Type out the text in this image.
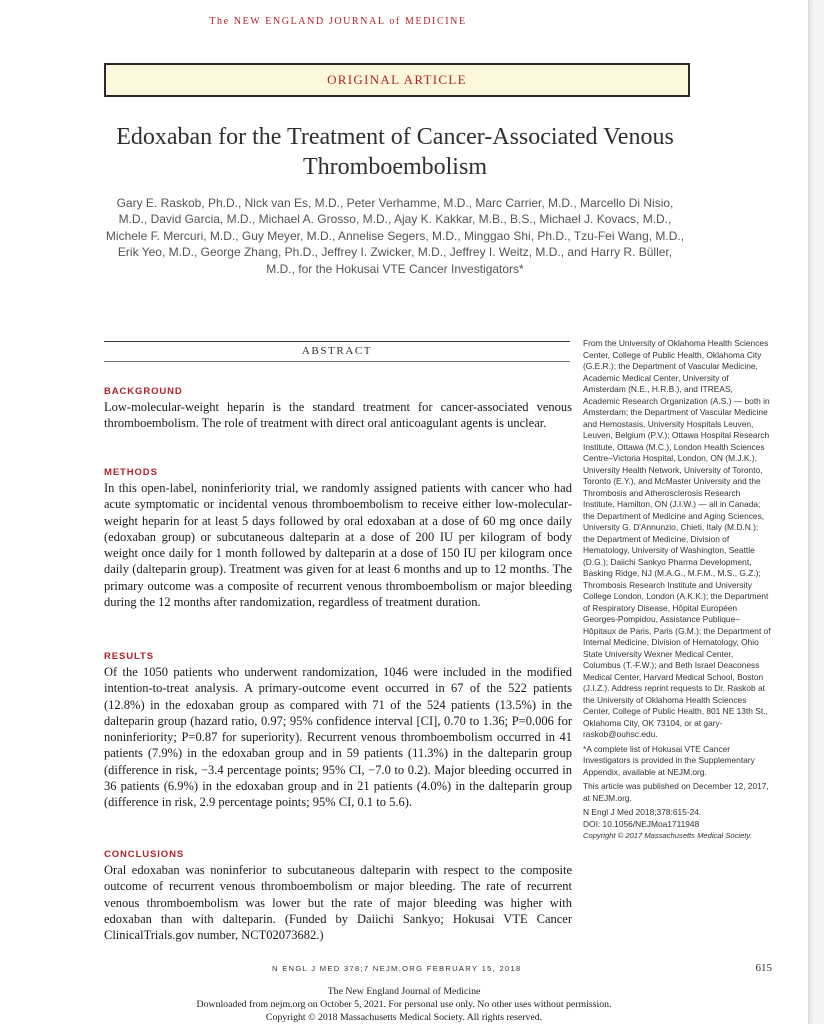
The NEW ENGLAND JOURNAL of MEDICINE
ORIGINAL ARTICLE
Edoxaban for the Treatment of Cancer-Associated Venous Thromboembolism
Gary E. Raskob, Ph.D., Nick van Es, M.D., Peter Verhamme, M.D., Marc Carrier, M.D., Marcello Di Nisio, M.D., David Garcia, M.D., Michael A. Grosso, M.D., Ajay K. Kakkar, M.B., B.S., Michael J. Kovacs, M.D., Michele F. Mercuri, M.D., Guy Meyer, M.D., Annelise Segers, M.D., Minggao Shi, Ph.D., Tzu-Fei Wang, M.D., Erik Yeo, M.D., George Zhang, Ph.D., Jeffrey I. Zwicker, M.D., Jeffrey I. Weitz, M.D., and Harry R. Büller, M.D., for the Hokusai VTE Cancer Investigators*
ABSTRACT
BACKGROUND

Low-molecular-weight heparin is the standard treatment for cancer-associated venous thromboembolism. The role of treatment with direct oral anticoagulant agents is unclear.

METHODS

In this open-label, noninferiority trial, we randomly assigned patients with cancer who had acute symptomatic or incidental venous thromboembolism to receive either low-molecular-weight heparin for at least 5 days followed by oral edoxaban at a dose of 60 mg once daily (edoxaban group) or subcutaneous dalteparin at a dose of 200 IU per kilogram of body weight once daily for 1 month followed by dalteparin at a dose of 150 IU per kilogram once daily (dalteparin group). Treatment was given for at least 6 months and up to 12 months. The primary outcome was a composite of recurrent venous thromboembolism or major bleeding during the 12 months after randomization, regardless of treatment duration.

RESULTS

Of the 1050 patients who underwent randomization, 1046 were included in the modified intention-to-treat analysis. A primary-outcome event occurred in 67 of the 522 patients (12.8%) in the edoxaban group as compared with 71 of the 524 patients (13.5%) in the dalteparin group (hazard ratio, 0.97; 95% confidence interval [CI], 0.70 to 1.36; P=0.006 for noninferiority; P=0.87 for superiority). Recurrent venous thromboembolism occurred in 41 patients (7.9%) in the edoxaban group and in 59 patients (11.3%) in the dalteparin group (difference in risk, −3.4 percentage points; 95% CI, −7.0 to 0.2). Major bleeding occurred in 36 patients (6.9%) in the edoxaban group and in 21 patients (4.0%) in the dalteparin group (difference in risk, 2.9 percentage points; 95% CI, 0.1 to 5.6).

CONCLUSIONS

Oral edoxaban was noninferior to subcutaneous dalteparin with respect to the composite outcome of recurrent venous thromboembolism or major bleeding. The rate of recurrent venous thromboembolism was lower but the rate of major bleeding was higher with edoxaban than with dalteparin. (Funded by Daiichi Sankyo; Hokusai VTE Cancer ClinicalTrials.gov number, NCT02073682.)

From the University of Oklahoma Health Sciences Center, College of Public Health, Oklahoma City (G.E.R.); the Department of Vascular Medicine, Academic Medical Center, University of Amsterdam (N.E., H.R.B.), and ITREAS, Academic Research Organization (A.S.) — both in Amsterdam; the Department of Vascular Medicine and Hemostasis, University Hospitals Leuven, Leuven, Belgium (P.V.); Ottawa Hospital Research Institute, Ottawa (M.C.), London Health Sciences Centre–Victoria Hospital, London, ON (M.J.K.), University Health Network, University of Toronto, Toronto (E.Y.), and McMaster University and the Thrombosis and Atherosclerosis Research Institute, Hamilton, ON (J.I.W.) — all in Canada; the Department of Medicine and Aging Sciences, University G. D'Annunzio, Chieti, Italy (M.D.N.); the Department of Medicine, Division of Hematology, University of Washington, Seattle (D.G.); Daiichi Sankyo Pharma Development, Basking Ridge, NJ (M.A.G., M.F.M., M.S., G.Z.); Thrombosis Research Institute and University College London, London (A.K.K.); the Department of Respiratory Disease, Hôpital Européen Georges-Pompidou, Assistance Publique–Hôpitaux de Paris, Paris (G.M.); the Department of Internal Medicine, Division of Hematology, Ohio State University Wexner Medical Center, Columbus (T.-F.W.); and Beth Israel Deaconess Medical Center, Harvard Medical School, Boston (J.I.Z.). Address reprint requests to Dr. Raskob at the University of Oklahoma Health Sciences Center, College of Public Health, 801 NE 13th St., Oklahoma City, OK 73104, or at gary-raskob@ouhsc.edu.

*A complete list of Hokusai VTE Cancer Investigators is provided in the Supplementary Appendix, available at NEJM.org.

This article was published on December 12, 2017, at NEJM.org.

N Engl J Med 2018;378:615-24.

DOI: 10.1056/NEJMoa1711948

Copyright © 2017 Massachusetts Medical Society.

N ENGL J MED 378;7 NEJM.ORG FEBRUARY 15, 2018	615
The New England Journal of Medicine
Downloaded from nejm.org on October 5, 2021. For personal use only. No other uses without permission.
Copyright © 2018 Massachusetts Medical Society. All rights reserved.
